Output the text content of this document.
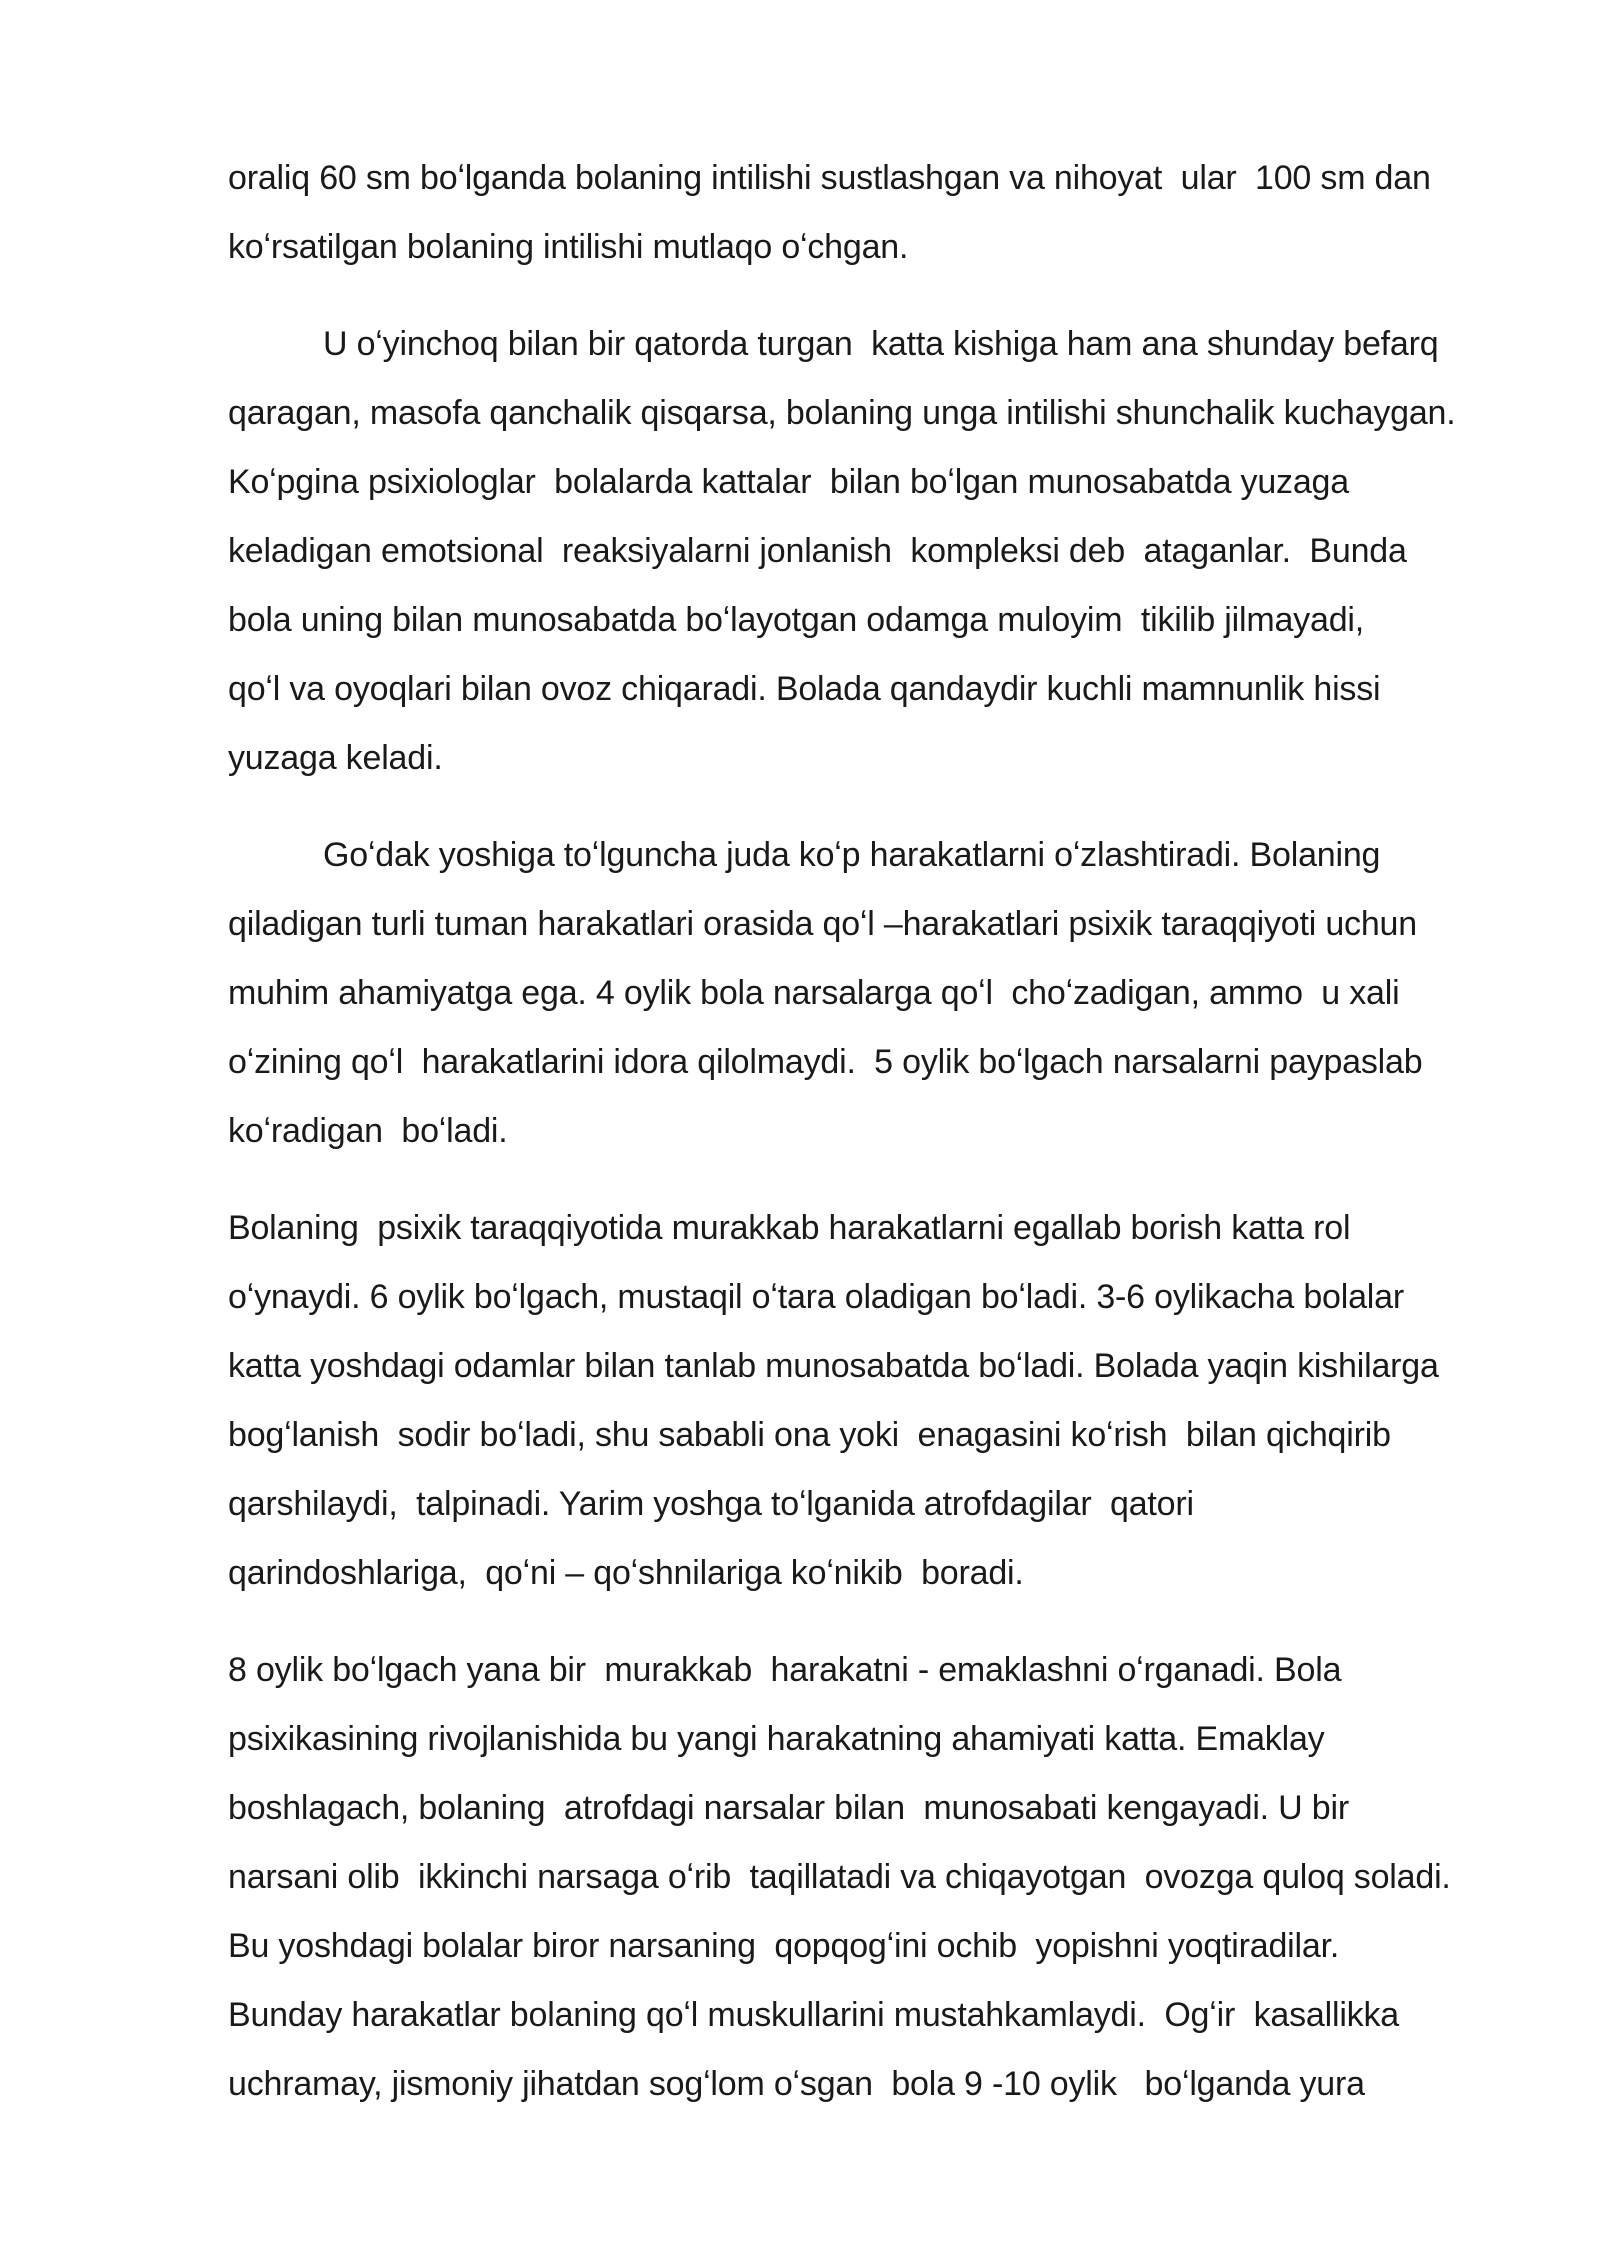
oraliq 60 sm boʻlganda bolaning intilishi sustlashgan va nihoyat  ular  100 sm dan
koʻrsatilgan bolaning intilishi mutlaqo oʻchgan.
U oʻyinchoq bilan bir qatorda turgan  katta kishiga ham ana shunday befarq
qaragan, masofa qanchalik qisqarsa, bolaning unga intilishi shunchalik kuchaygan.
Koʻpgina psixiologlar  bolalarda kattalar  bilan boʻlgan munosabatda yuzaga
keladigan emotsional  reaksiyalarni jonlanish  kompleksi deb  ataganlar.  Bunda
bola uning bilan munosabatda boʻlayotgan odamga muloyim  tikilib jilmayadi,
qoʻl va oyoqlari bilan ovoz chiqaradi. Bolada qandaydir kuchli mamnunlik hissi
yuzaga keladi.
Goʻdak yoshiga toʻlguncha juda koʻp harakatlarni oʻzlashtiradi. Bolaning
qiladigan turli tuman harakatlari orasida qoʻl –harakatlari psixik taraqqiyoti uchun
muhim ahamiyatga ega. 4 oylik bola narsalarga qoʻl  choʻzadigan, ammo  u xali
oʻzining qoʻl  harakatlarini idora qilolmaydi.  5 oylik boʻlgach narsalarni paypaslab
koʻradigan  boʻladi.
Bolaning  psixik taraqqiyotida murakkab harakatlarni egallab borish katta rol
oʻynaydi. 6 oylik boʻlgach, mustaqil oʻtara oladigan boʻladi. 3-6 oylikacha bolalar
katta yoshdagi odamlar bilan tanlab munosabatda boʻladi. Bolada yaqin kishilarga
bogʻlanish  sodir boʻladi, shu sababli ona yoki  enagasini koʻrish  bilan qichqirib
qarshilaydi,  talpinadi. Yarim yoshga toʻlganida atrofdagilar  qatori
qarindoshlariga,  qoʻni – qoʻshnilariga koʻnikib  boradi.
8 oylik boʻlgach yana bir  murakkab  harakatni - emaklashni oʻrganadi. Bola
psixikasining rivojlanishida bu yangi harakatning ahamiyati katta. Emaklay
boshlagach, bolaning  atrofdagi narsalar bilan  munosabati kengayadi. U bir
narsani olib  ikkinchi narsaga oʻrib  taqillatadi va chiqayotgan  ovozga quloq soladi.
Bu yoshdagi bolalar biror narsaning  qopqogʻini ochib  yopishni yoqtiradilar.
Bunday harakatlar bolaning qoʻl muskullarini mustahkamlaydi.  Ogʻir  kasallikka
uchramay, jismoniy jihatdan sogʻlom oʻsgan  bola 9 -10 oylik   boʻlganda yura
